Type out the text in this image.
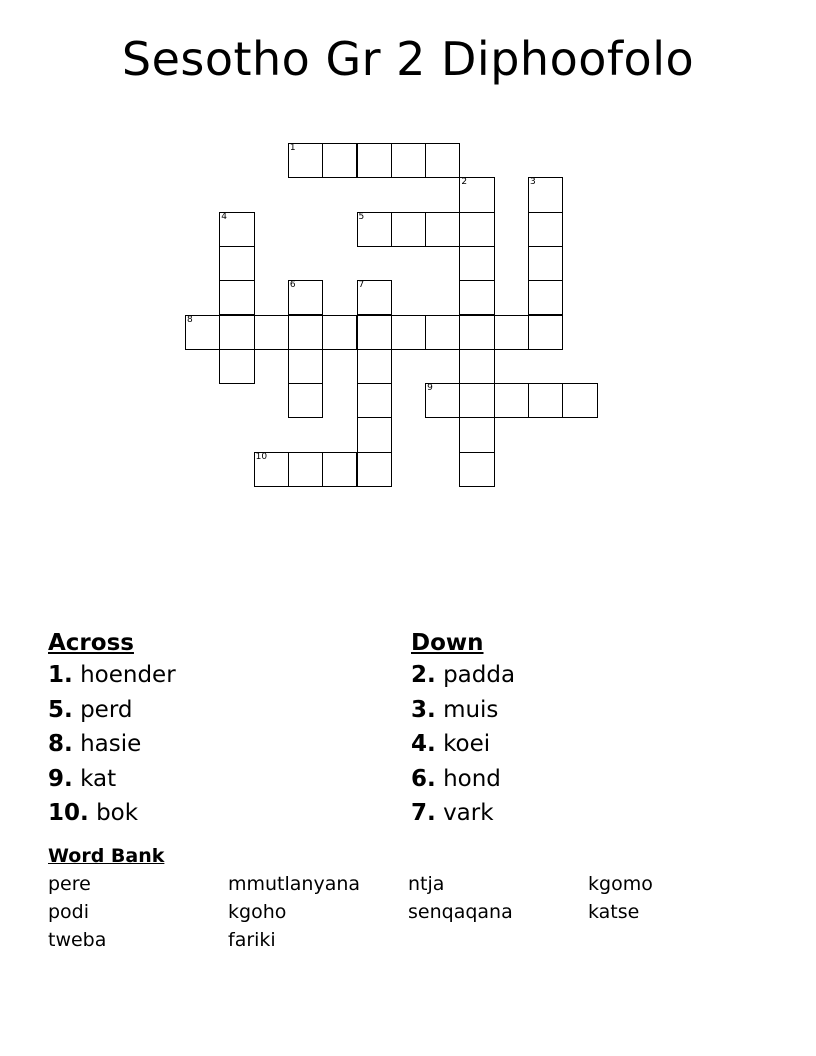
Sesotho Gr 2 Diphoofolo
1
2	3
4	5
6	7
8
9
10
Across
1. hoender
5. perd
8. hasie
9. kat
10. bok
Down
2. padda
3. muis
4. koei
6. hond
7. vark
Word Bank
pere	mmutlanyana	ntja	kgomo
podi	kgoho	senqaqana	katse
tweba	fariki
